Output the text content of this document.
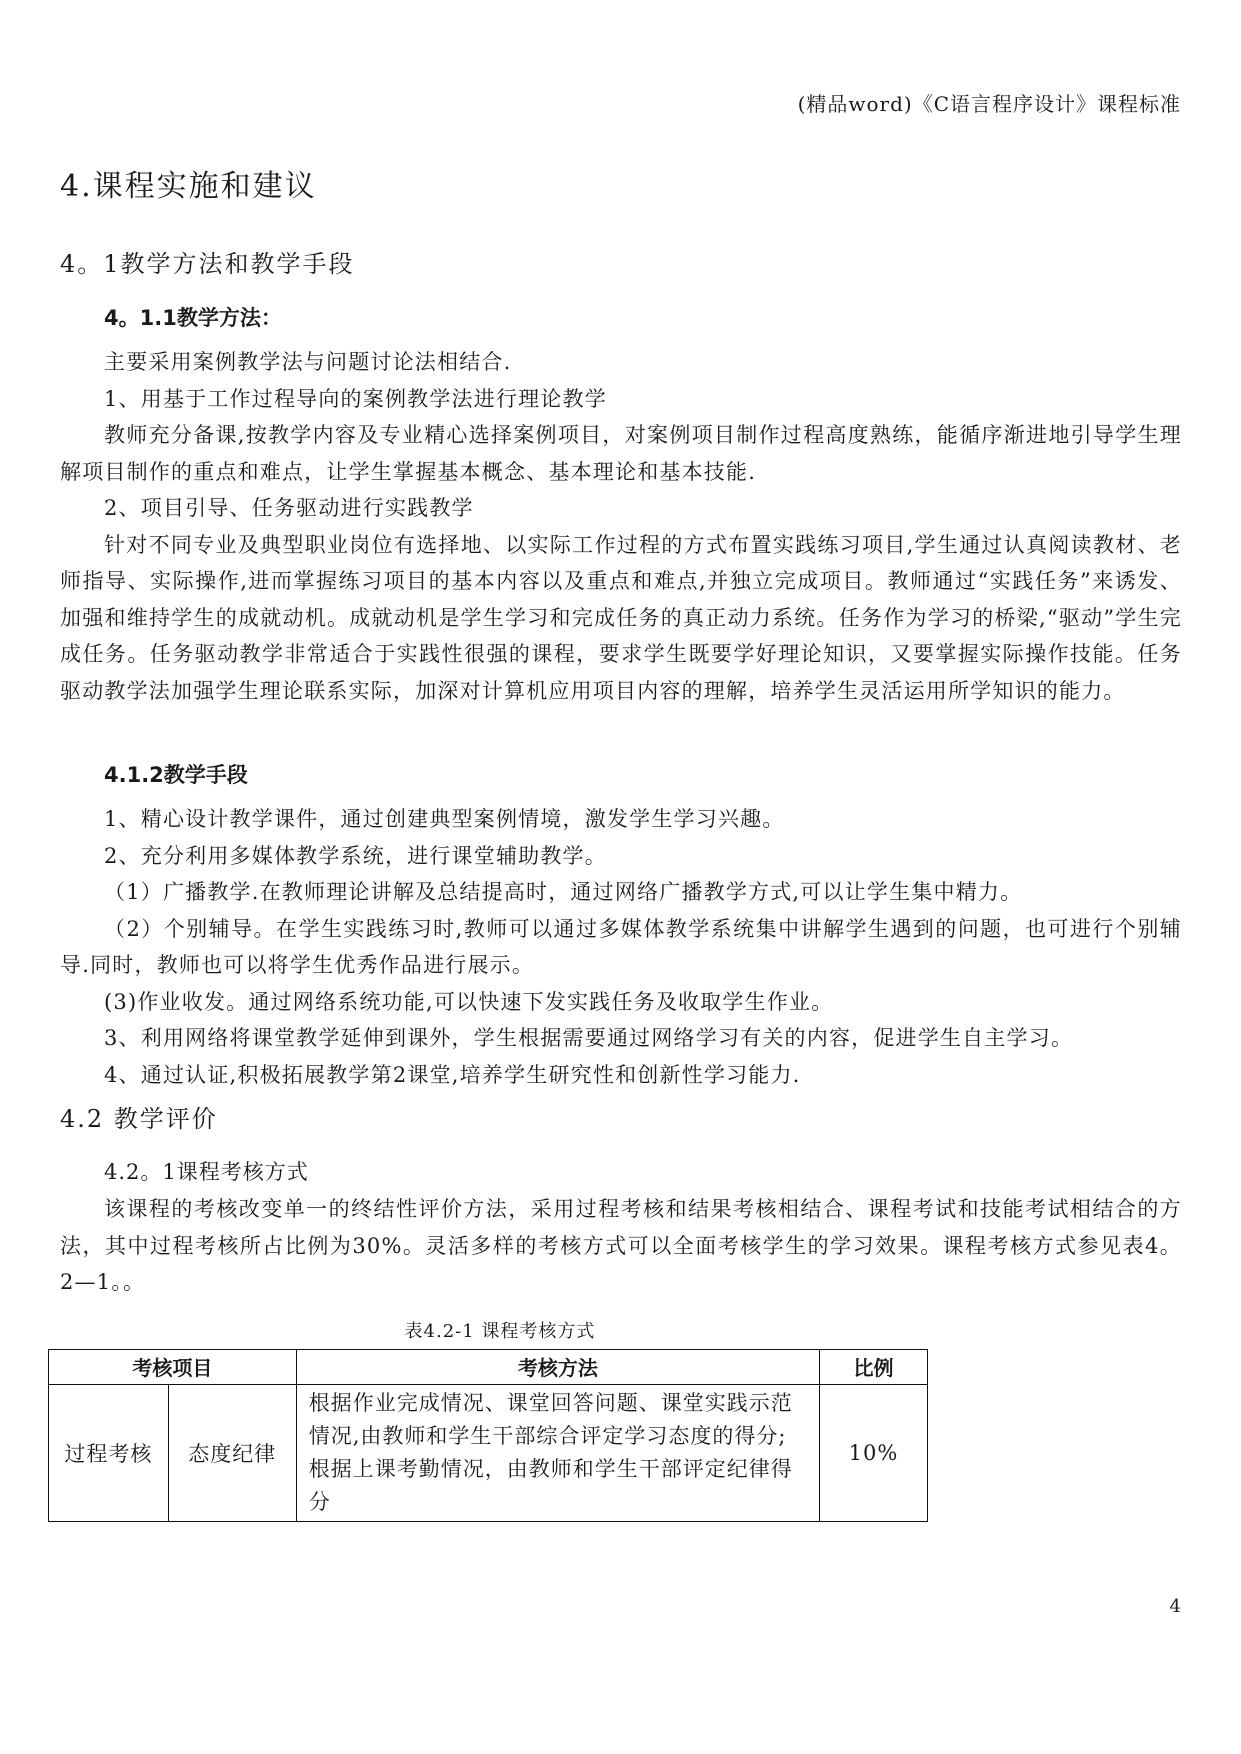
(精品word)《C语言程序设计》课程标准
4.课程实施和建议
4。1教学方法和教学手段
4。1.1教学方法：

主要采用案例教学法与问题讨论法相结合.

1、用基于工作过程导向的案例教学法进行理论教学

教师充分备课,按教学内容及专业精心选择案例项目，对案例项目制作过程高度熟练，能循序渐进地引导学生理解项目制作的重点和难点，让学生掌握基本概念、基本理论和基本技能.

2、项目引导、任务驱动进行实践教学

针对不同专业及典型职业岗位有选择地、以实际工作过程的方式布置实践练习项目,学生通过认真阅读教材、老师指导、实际操作,进而掌握练习项目的基本内容以及重点和难点,并独立完成项目。教师通过“实践任务”来诱发、加强和维持学生的成就动机。成就动机是学生学习和完成任务的真正动力系统。任务作为学习的桥梁,“驱动”学生完成任务。任务驱动教学非常适合于实践性很强的课程，要求学生既要学好理论知识，又要掌握实际操作技能。任务驱动教学法加强学生理论联系实际，加深对计算机应用项目内容的理解，培养学生灵活运用所学知识的能力。

4.1.2教学手段

1、精心设计教学课件，通过创建典型案例情境，激发学生学习兴趣。

2、充分利用多媒体教学系统，进行课堂辅助教学。

（1）广播教学.在教师理论讲解及总结提高时，通过网络广播教学方式,可以让学生集中精力。

（2）个别辅导。在学生实践练习时,教师可以通过多媒体教学系统集中讲解学生遇到的问题，也可进行个别辅导.同时，教师也可以将学生优秀作品进行展示。

(3)作业收发。通过网络系统功能,可以快速下发实践任务及收取学生作业。

3、利用网络将课堂教学延伸到课外，学生根据需要通过网络学习有关的内容，促进学生自主学习。

4、通过认证,积极拓展教学第2课堂,培养学生研究性和创新性学习能力.

4.2 教学评价
4.2。1课程考核方式

该课程的考核改变单一的终结性评价方法，采用过程考核和结果考核相结合、课程考试和技能考试相结合的方法，其中过程考核所占比例为30%。灵活多样的考核方式可以全面考核学生的学习效果。课程考核方式参见表4。2—1。。

表4.2-1 课程考核方式
考核项目		考核方法	比例
过程考核	态度纪律	根据作业完成情况、课堂回答问题、课堂实践示范情况,由教师和学生干部综合评定学习态度的得分;
根据上课考勤情况，由教师和学生干部评定纪律得分	10%
4
